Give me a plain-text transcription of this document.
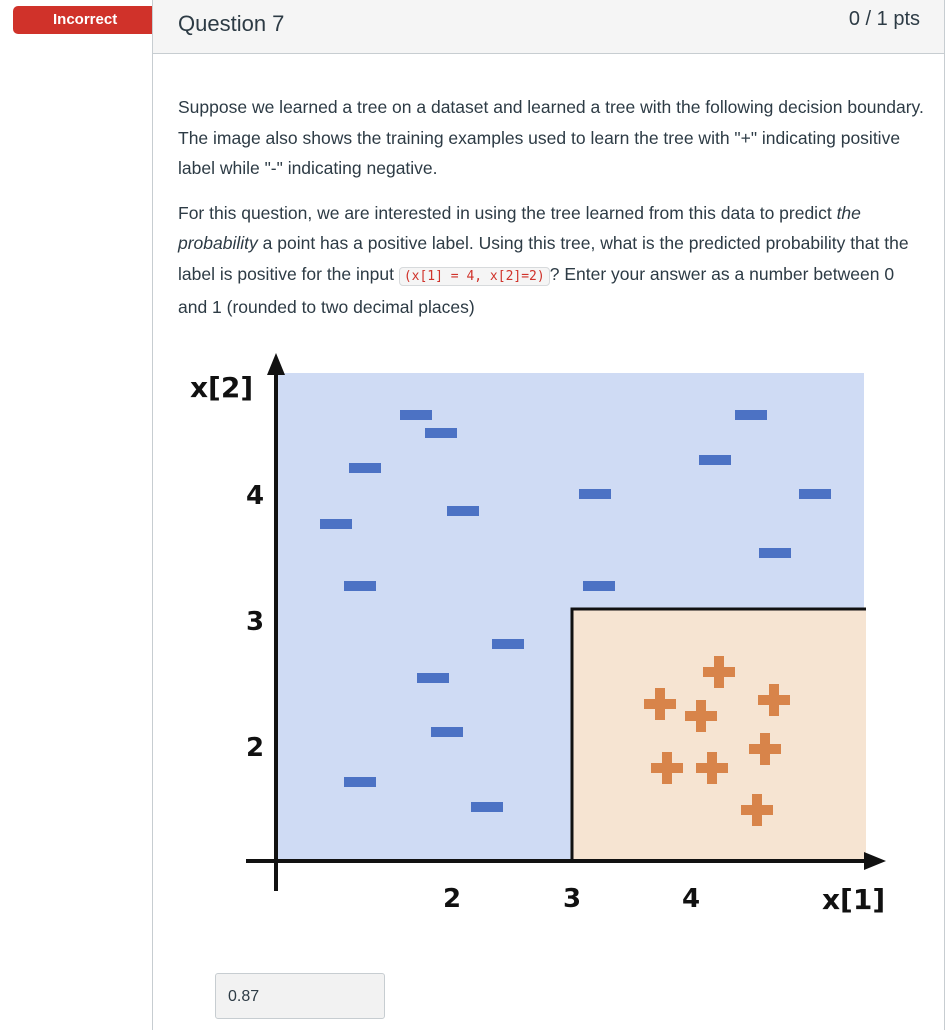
Incorrect	Question 7	0 / 1 pts

Suppose we learned a tree on a dataset and learned a tree with the following decision boundary. The image also shows the training examples used to learn the tree with "+" indicating positive label while "-" indicating negative.

For this question, we are interested in using the tree learned from this data to predict the probability a point has a positive label. Using this tree, what is the predicted probability that the label is positive for the input (x[1] = 4, x[2]=2) ? Enter your answer as a number between 0 and 1 (rounded to two decimal places)

x[2]
x[1]
4
3
2
2	3	4
0.87
